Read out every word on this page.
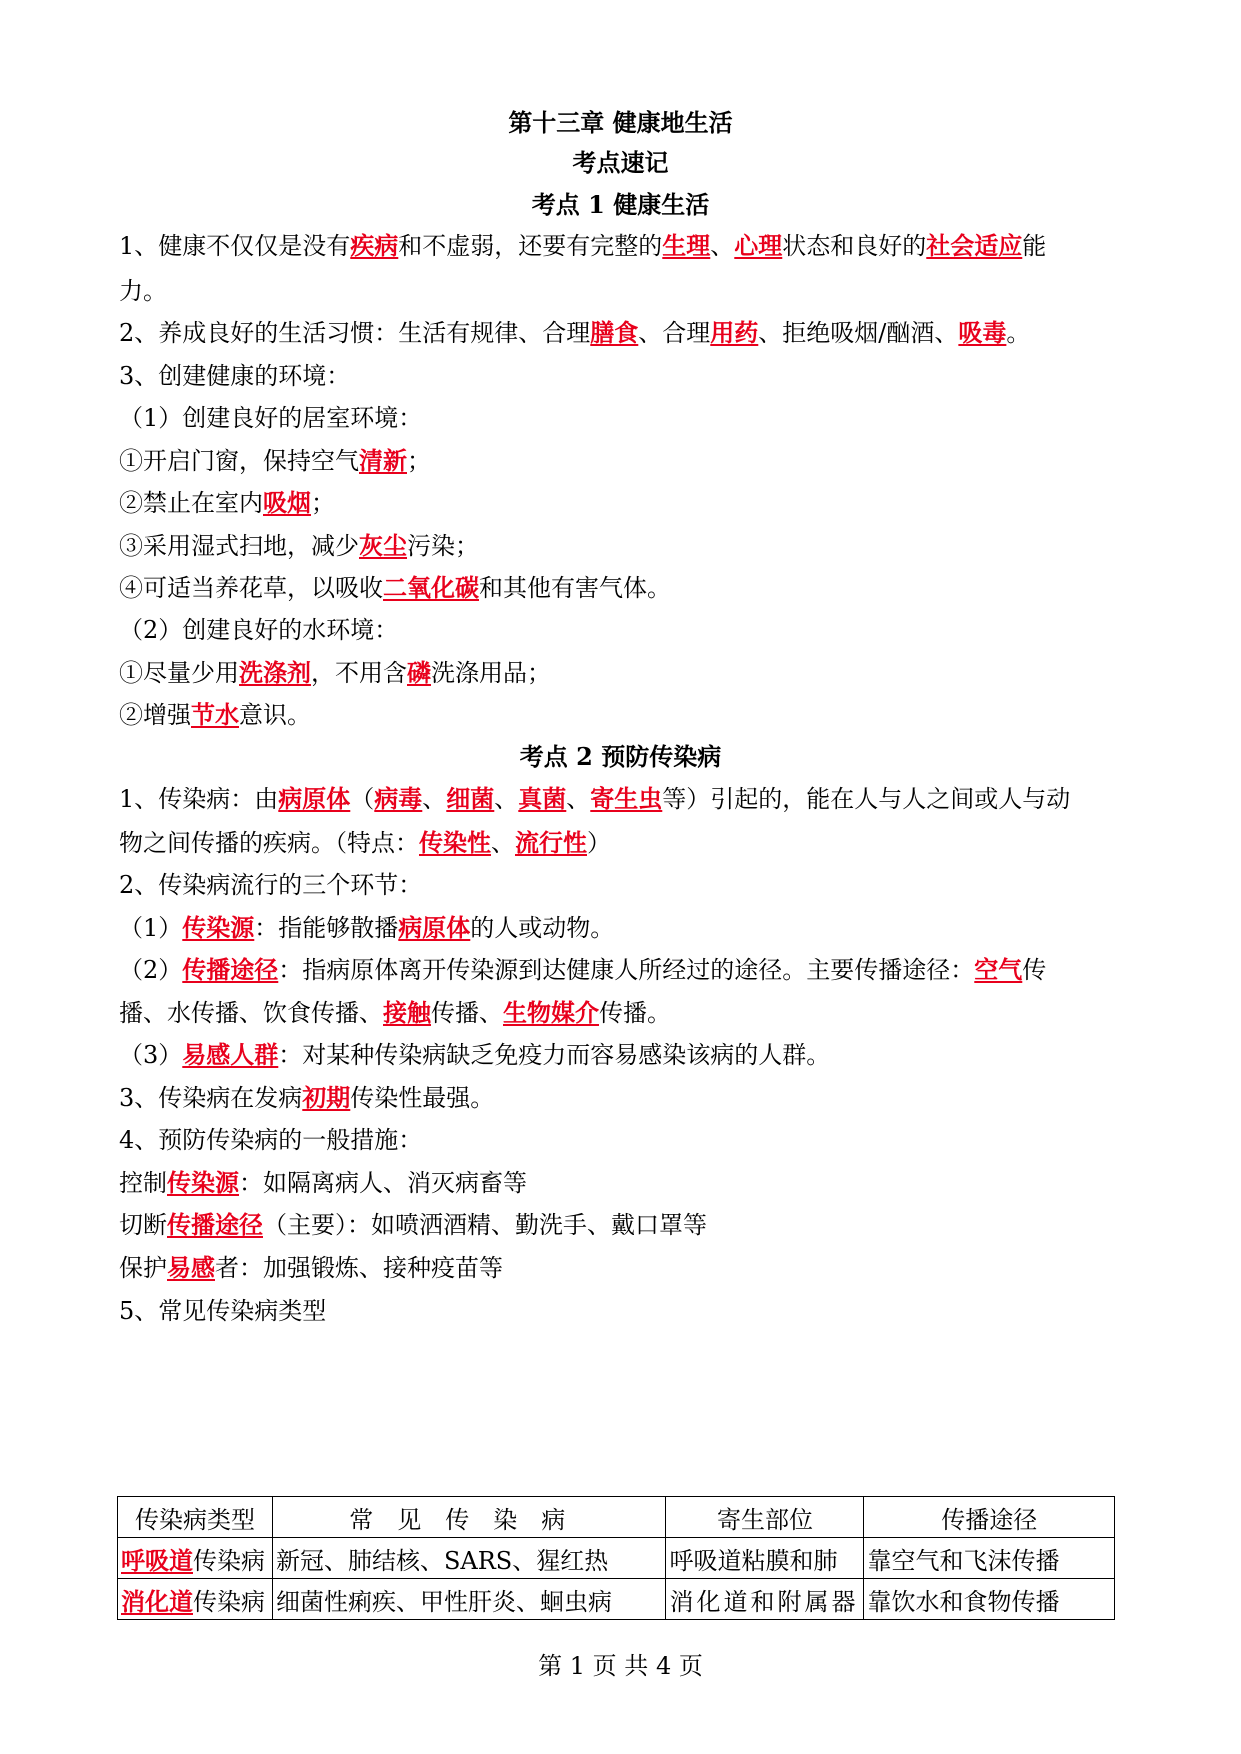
第十三章 健康地生活
考点速记
考点 1 健康生活
1、健康不仅仅是没有疾病和不虚弱，还要有完整的生理、心理状态和良好的社会适应能
力。
2、养成良好的生活习惯：生活有规律、合理膳食、合理用药、拒绝吸烟/酗酒、吸毒。
3、创建健康的环境：
（1）创建良好的居室环境：
①开启门窗，保持空气清新；
②禁止在室内吸烟；
③采用湿式扫地，减少灰尘污染；
④可适当养花草，以吸收二氧化碳和其他有害气体。
（2）创建良好的水环境：
①尽量少用洗涤剂，不用含磷洗涤用品；
②增强节水意识。
考点 2 预防传染病
1、传染病：由病原体（病毒、细菌、真菌、寄生虫等）引起的，能在人与人之间或人与动
物之间传播的疾病。（特点：传染性、流行性）
2、传染病流行的三个环节：
（1）传染源：指能够散播病原体的人或动物。
（2）传播途径：指病原体离开传染源到达健康人所经过的途径。主要传播途径：空气传
播、水传播、饮食传播、接触传播、生物媒介传播。
（3）易感人群：对某种传染病缺乏免疫力而容易感染该病的人群。
3、传染病在发病初期传染性最强。
4、预防传染病的一般措施：
控制传染源：如隔离病人、消灭病畜等
切断传播途径（主要）：如喷洒酒精、勤洗手、戴口罩等
保护易感者：加强锻炼、接种疫苗等
5、常见传染病类型
传染病类型	常见传染病	寄生部位	传播途径
呼吸道传染病	新冠、肺结核、SARS、猩红热	呼吸道粘膜和肺	靠空气和飞沫传播
消化道传染病	细菌性痢疾、甲性肝炎、蛔虫病	消化道和附属器	靠饮水和食物传播
第 1 页 共 4 页
